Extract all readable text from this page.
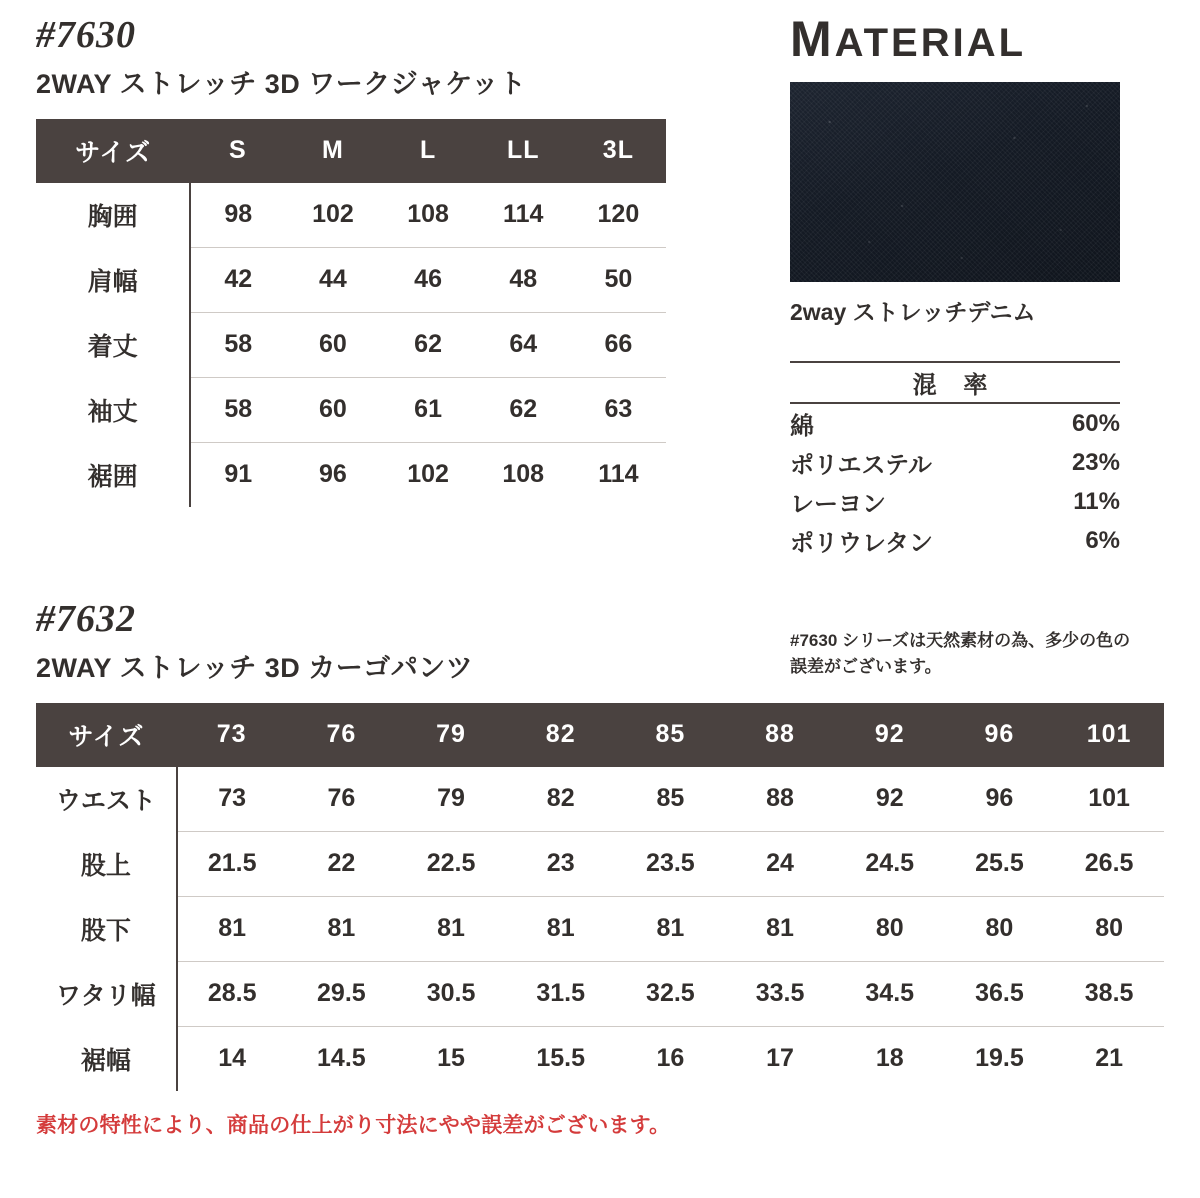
#7630
2WAY ストレッチ 3D ワークジャケット
サイズ	S	M	L	LL	3L
胸囲	98	102	108	114	120
肩幅	42	44	46	48	50
着丈	58	60	62	64	66
袖丈	58	60	61	62	63
裾囲	91	96	102	108	114
MATERIAL
2way ストレッチデニム
混 率	
綿	60%
ポリエステル	23%
レーヨン	11%
ポリウレタン	6%
#7630 シリーズは天然素材の為、多少の色の誤差がございます。
#7632
2WAY ストレッチ 3D カーゴパンツ
サイズ	73	76	79	82	85	88	92	96	101
ウエスト	73	76	79	82	85	88	92	96	101
股上	21.5	22	22.5	23	23.5	24	24.5	25.5	26.5
股下	81	81	81	81	81	81	80	80	80
ワタリ幅	28.5	29.5	30.5	31.5	32.5	33.5	34.5	36.5	38.5
裾幅	14	14.5	15	15.5	16	17	18	19.5	21
素材の特性により、商品の仕上がり寸法にやや誤差がございます。
